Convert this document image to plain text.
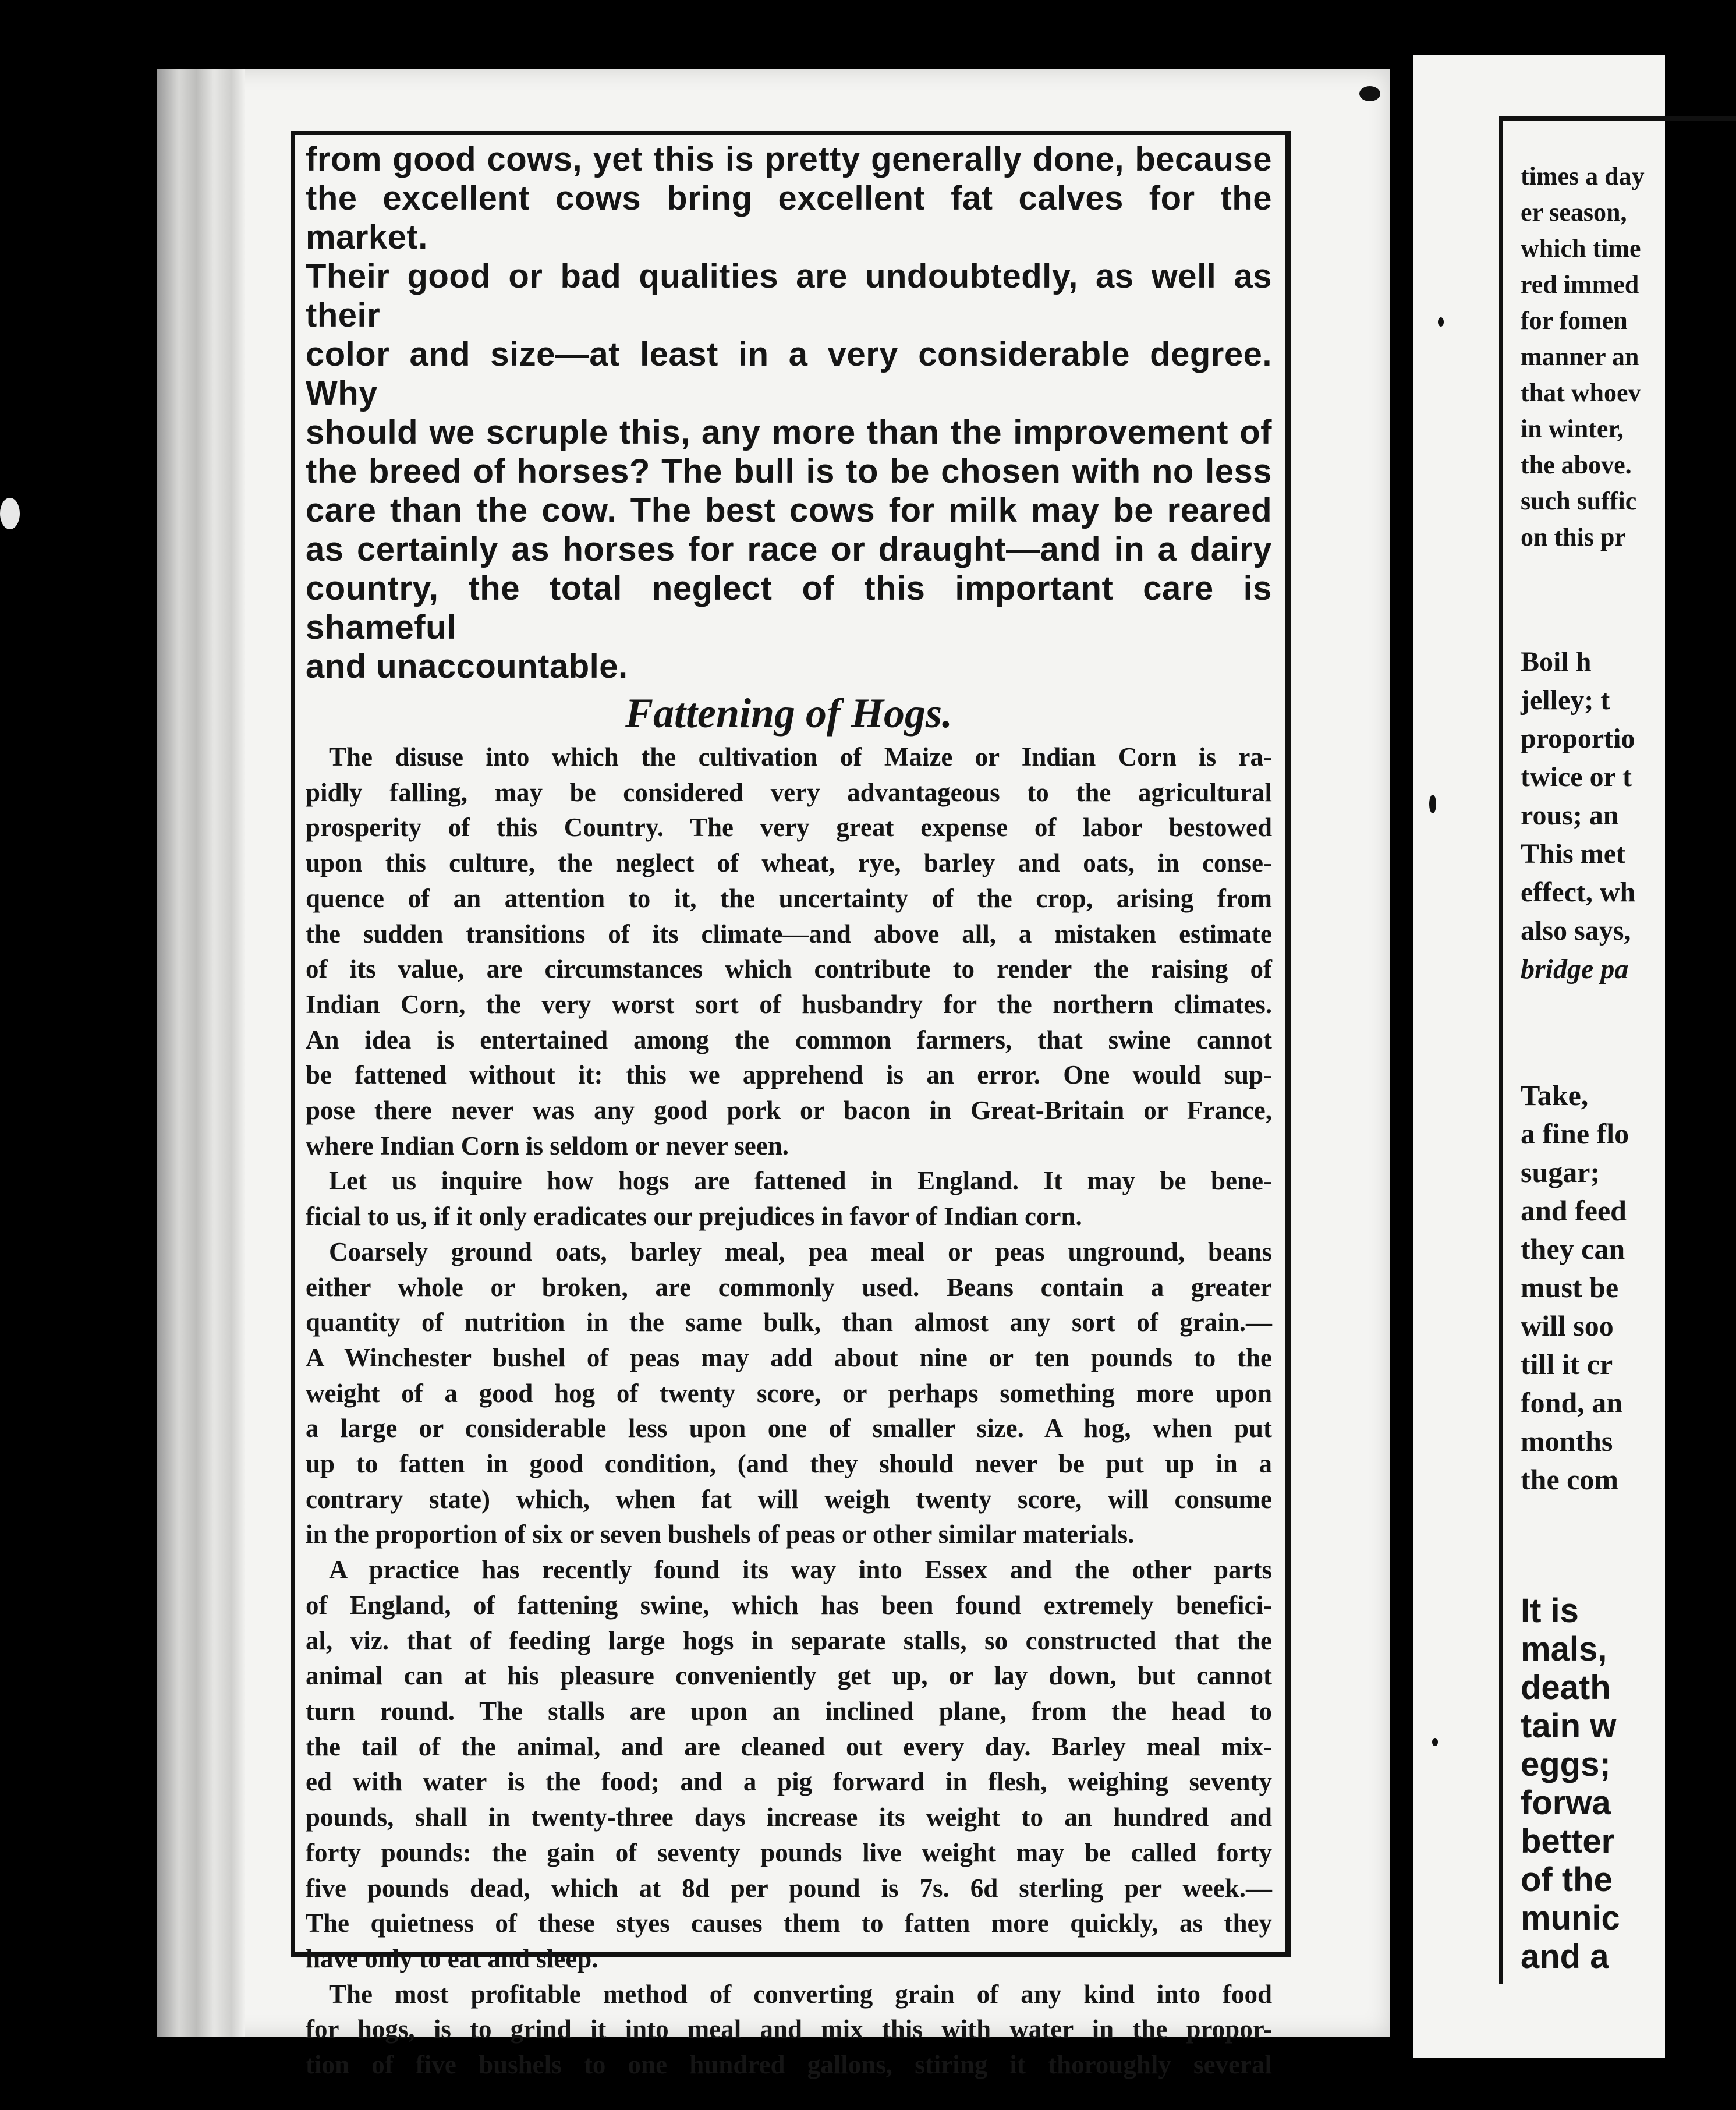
from good cows, yet this is pretty generally done, because

the excellent cows bring excellent fat calves for the market.

Their good or bad qualities are undoubtedly, as well as their

color and size—at least in a very considerable degree. Why

should we scruple this, any more than the improvement of

the breed of horses? The bull is to be chosen with no less

care than the cow. The best cows for milk may be reared

as certainly as horses for race or draught—and in a dairy

country, the total neglect of this important care is shameful

and unaccountable.

Fattening of Hogs.

The disuse into which the cultivation of Maize or Indian Corn is ra-

pidly falling, may be considered very advantageous to the agricultural

prosperity of this Country. The very great expense of labor bestowed

upon this culture, the neglect of wheat, rye, barley and oats, in conse-

quence of an attention to it, the uncertainty of the crop, arising from

the sudden transitions of its climate—and above all, a mistaken estimate

of its value, are circumstances which contribute to render the raising of

Indian Corn, the very worst sort of husbandry for the northern climates.

An idea is entertained among the common farmers, that swine cannot

be fattened without it: this we apprehend is an error. One would sup-

pose there never was any good pork or bacon in Great-Britain or France,

where Indian Corn is seldom or never seen.

Let us inquire how hogs are fattened in England. It may be bene-

ficial to us, if it only eradicates our prejudices in favor of Indian corn.

Coarsely ground oats, barley meal, pea meal or peas unground, beans

either whole or broken, are commonly used. Beans contain a greater

quantity of nutrition in the same bulk, than almost any sort of grain.—

A Winchester bushel of peas may add about nine or ten pounds to the

weight of a good hog of twenty score, or perhaps something more upon

a large or considerable less upon one of smaller size. A hog, when put

up to fatten in good condition, (and they should never be put up in a

contrary state) which, when fat will weigh twenty score, will consume

in the proportion of six or seven bushels of peas or other similar materials.

A practice has recently found its way into Essex and the other parts

of England, of fattening swine, which has been found extremely benefici-

al, viz. that of feeding large hogs in separate stalls, so constructed that the

animal can at his pleasure conveniently get up, or lay down, but cannot

turn round. The stalls are upon an inclined plane, from the head to

the tail of the animal, and are cleaned out every day. Barley meal mix-

ed with water is the food; and a pig forward in flesh, weighing seventy

pounds, shall in twenty-three days increase its weight to an hundred and

forty pounds: the gain of seventy pounds live weight may be called forty

five pounds dead, which at 8d per pound is 7s. 6d sterling per week.—

The quietness of these styes causes them to fatten more quickly, as they

have only to eat and sleep.

The most profitable method of converting grain of any kind into food

for hogs, is to grind it into meal and mix this with water in the propor-

tion of five bushels to one hundred gallons, stiring it thoroughly several

times a day
er season,
which time
red immed
for fomen
manner an
that whoev
in winter,
the above.
such suffic
on this pr
Boil h
jelley; t
proportio
twice or t
rous; an
This met
effect, wh
also says,
bridge pa
Take,
a fine flo
sugar;
and feed
they can
must be
will soo
till it cr
fond, an
months
the com
It is
mals,
death
tain w
eggs;
forwa
better
of the
munic
and a
